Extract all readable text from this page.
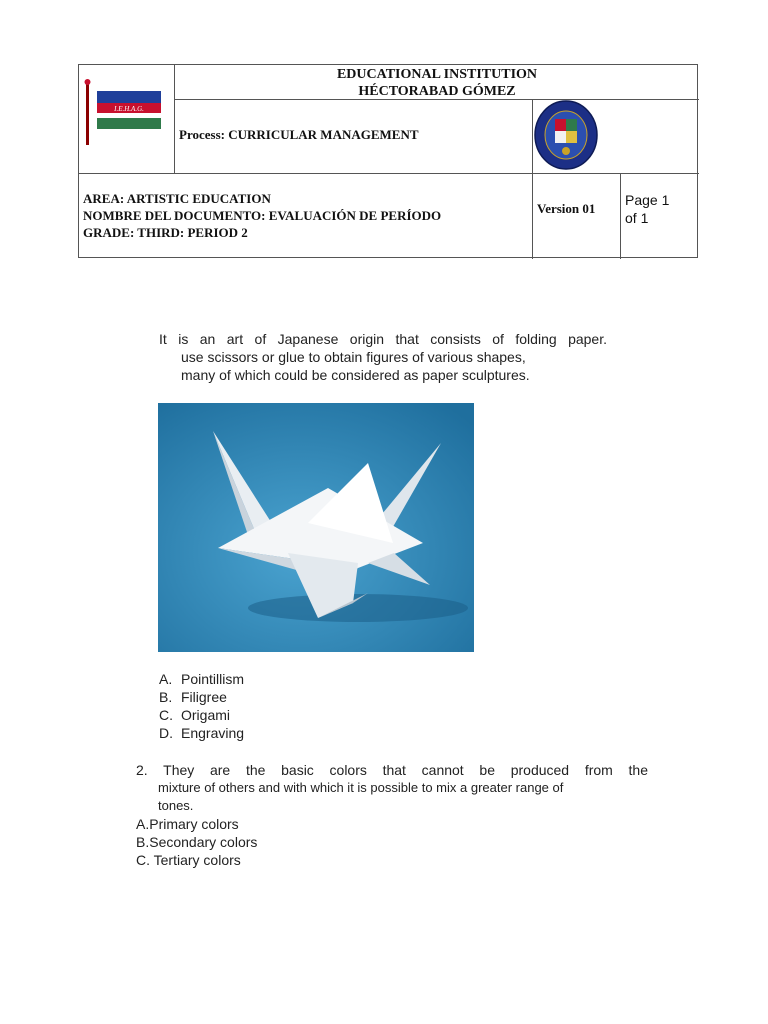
I.E.H.A.G.
EDUCATIONAL INSTITUTION
HÉCTORABAD GÓMEZ
Process: CURRICULAR MANAGEMENT
AREA: ARTISTIC EDUCATION
NOMBRE DEL DOCUMENTO: EVALUACIÓN DE PERÍODO
GRADE: THIRD: PERIOD 2
Version 01
Page 1
of 1
It is an art of Japanese origin that consists of folding paper.
use scissors or glue to obtain figures of various shapes,
many of which could be considered as paper sculptures.
A. Pointillism
B. Filigree
C. Origami
D. Engraving
2. They are the basic colors that cannot be produced from the
mixture of others and with which it is possible to mix a greater range of
tones.
A.Primary colors
B.Secondary colors
C. Tertiary colors
